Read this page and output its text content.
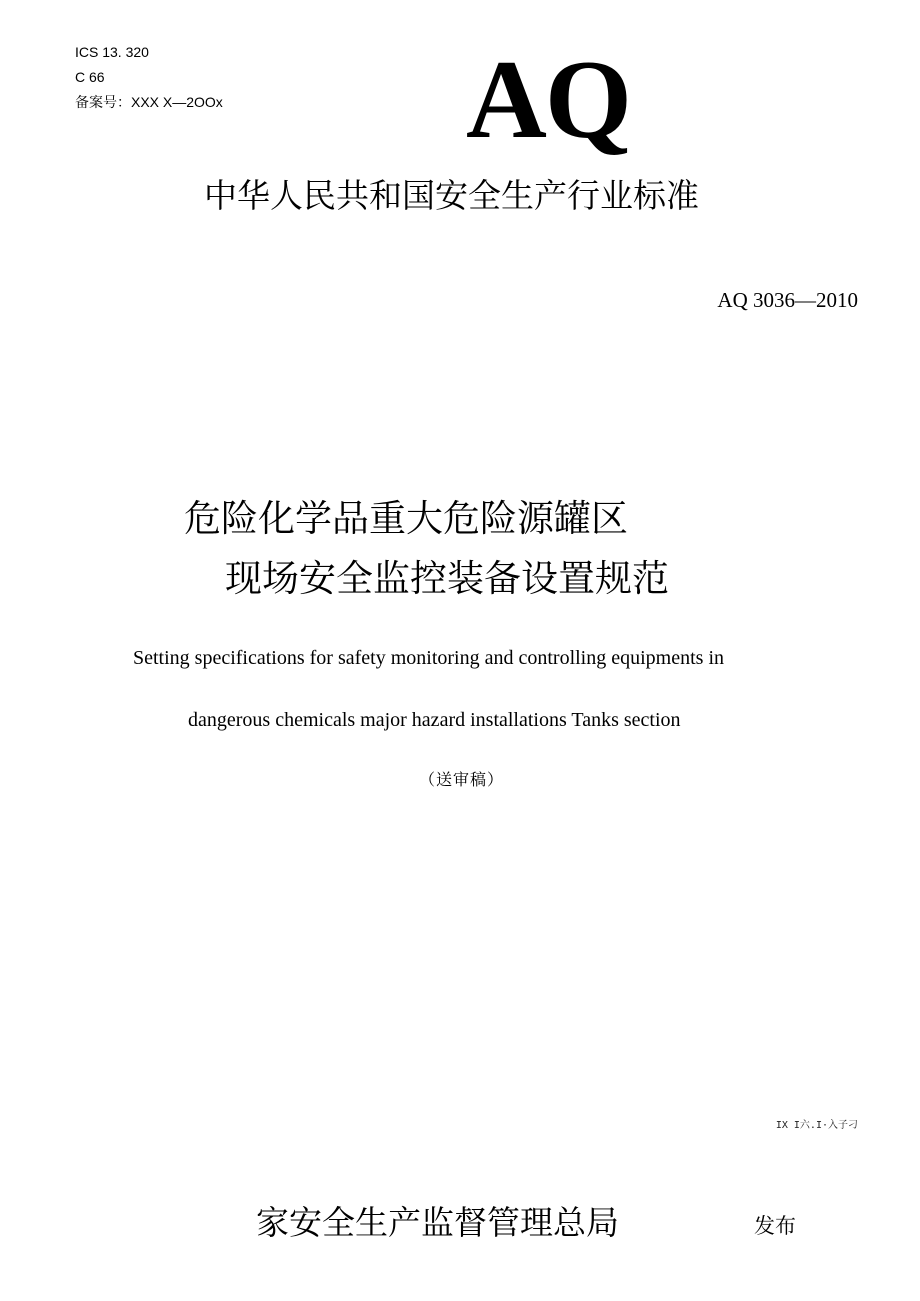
ICS 13. 320
C 66
备案号：XXX X—2OOx AQ
中华人民共和国安全生产行业标准
AQ 3036—2010
危险化学品重大危险源罐区
现场安全监控装备设置规范
Setting specifications for safety monitoring and controlling equipments in
dangerous chemicals major hazard installations Tanks section
（送审稿）
IX I六.I·入子刁
家安全生产监督管理总局	发布
